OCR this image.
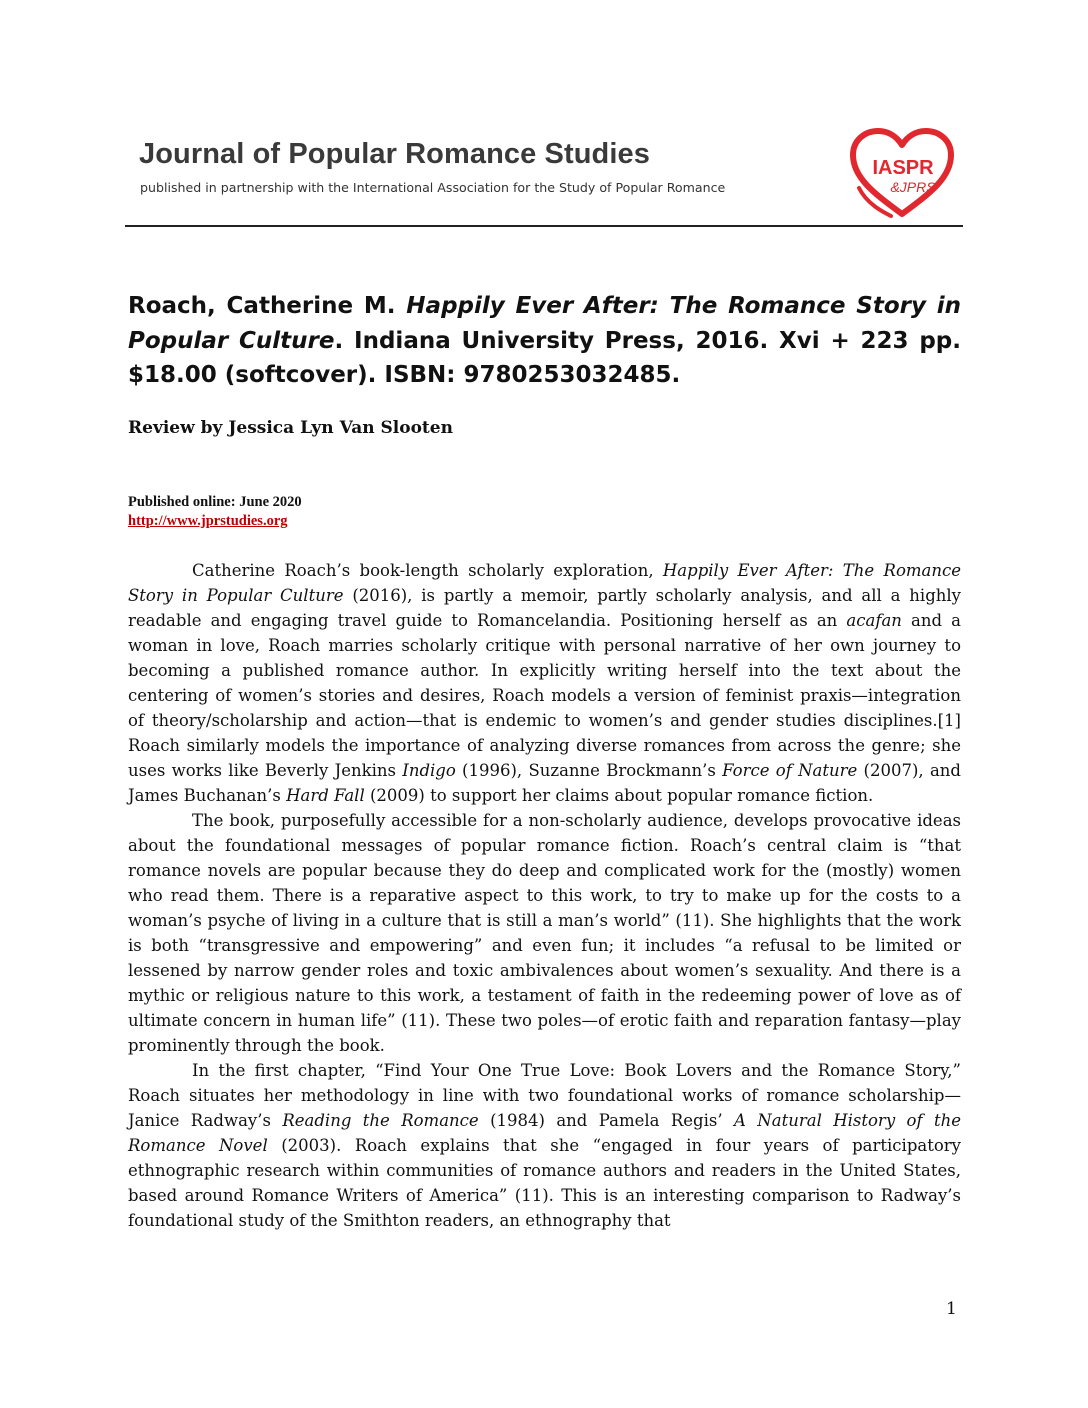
Journal of Popular Romance Studies
published in partnership with the International Association for the Study of Popular Romance
IASPR
&JPRS

Roach, Catherine M. Happily Ever After: The Romance Story in Popular Culture. Indiana University Press, 2016. Xvi + 223 pp. $18.00 (softcover). ISBN: 9780253032485.

Review by Jessica Lyn Van Slooten
Published online: June 2020
http://www.jprstudies.org

Catherine Roach’s book-length scholarly exploration, Happily Ever After: The Romance Story in Popular Culture (2016), is partly a memoir, partly scholarly analysis, and all a highly readable and engaging travel guide to Romancelandia. Positioning herself as an acafan and a woman in love, Roach marries scholarly critique with personal narrative of her own journey to becoming a published romance author. In explicitly writing herself into the text about the centering of women’s stories and desires, Roach models a version of feminist praxis—integration of theory/scholarship and action—that is endemic to women’s and gender studies disciplines.[1] Roach similarly models the importance of analyzing diverse romances from across the genre; she uses works like Beverly Jenkins Indigo (1996), Suzanne Brockmann’s Force of Nature (2007), and James Buchanan’s Hard Fall (2009) to support her claims about popular romance fiction.

The book, purposefully accessible for a non-scholarly audience, develops provocative ideas about the foundational messages of popular romance fiction. Roach’s central claim is “that romance novels are popular because they do deep and complicated work for the (mostly) women who read them. There is a reparative aspect to this work, to try to make up for the costs to a woman’s psyche of living in a culture that is still a man’s world” (11). She highlights that the work is both “transgressive and empowering” and even fun; it includes “a refusal to be limited or lessened by narrow gender roles and toxic ambivalences about women’s sexuality. And there is a mythic or religious nature to this work, a testament of faith in the redeeming power of love as of ultimate concern in human life” (11). These two poles—of erotic faith and reparation fantasy—play prominently through the book.

In the first chapter, “Find Your One True Love: Book Lovers and the Romance Story,” Roach situates her methodology in line with two foundational works of romance scholarship—Janice Radway’s Reading the Romance (1984) and Pamela Regis’ A Natural History of the Romance Novel (2003). Roach explains that she “engaged in four years of participatory ethnographic research within communities of romance authors and readers in the United States, based around Romance Writers of America” (11). This is an interesting comparison to Radway’s foundational study of the Smithton readers, an ethnography that

1
